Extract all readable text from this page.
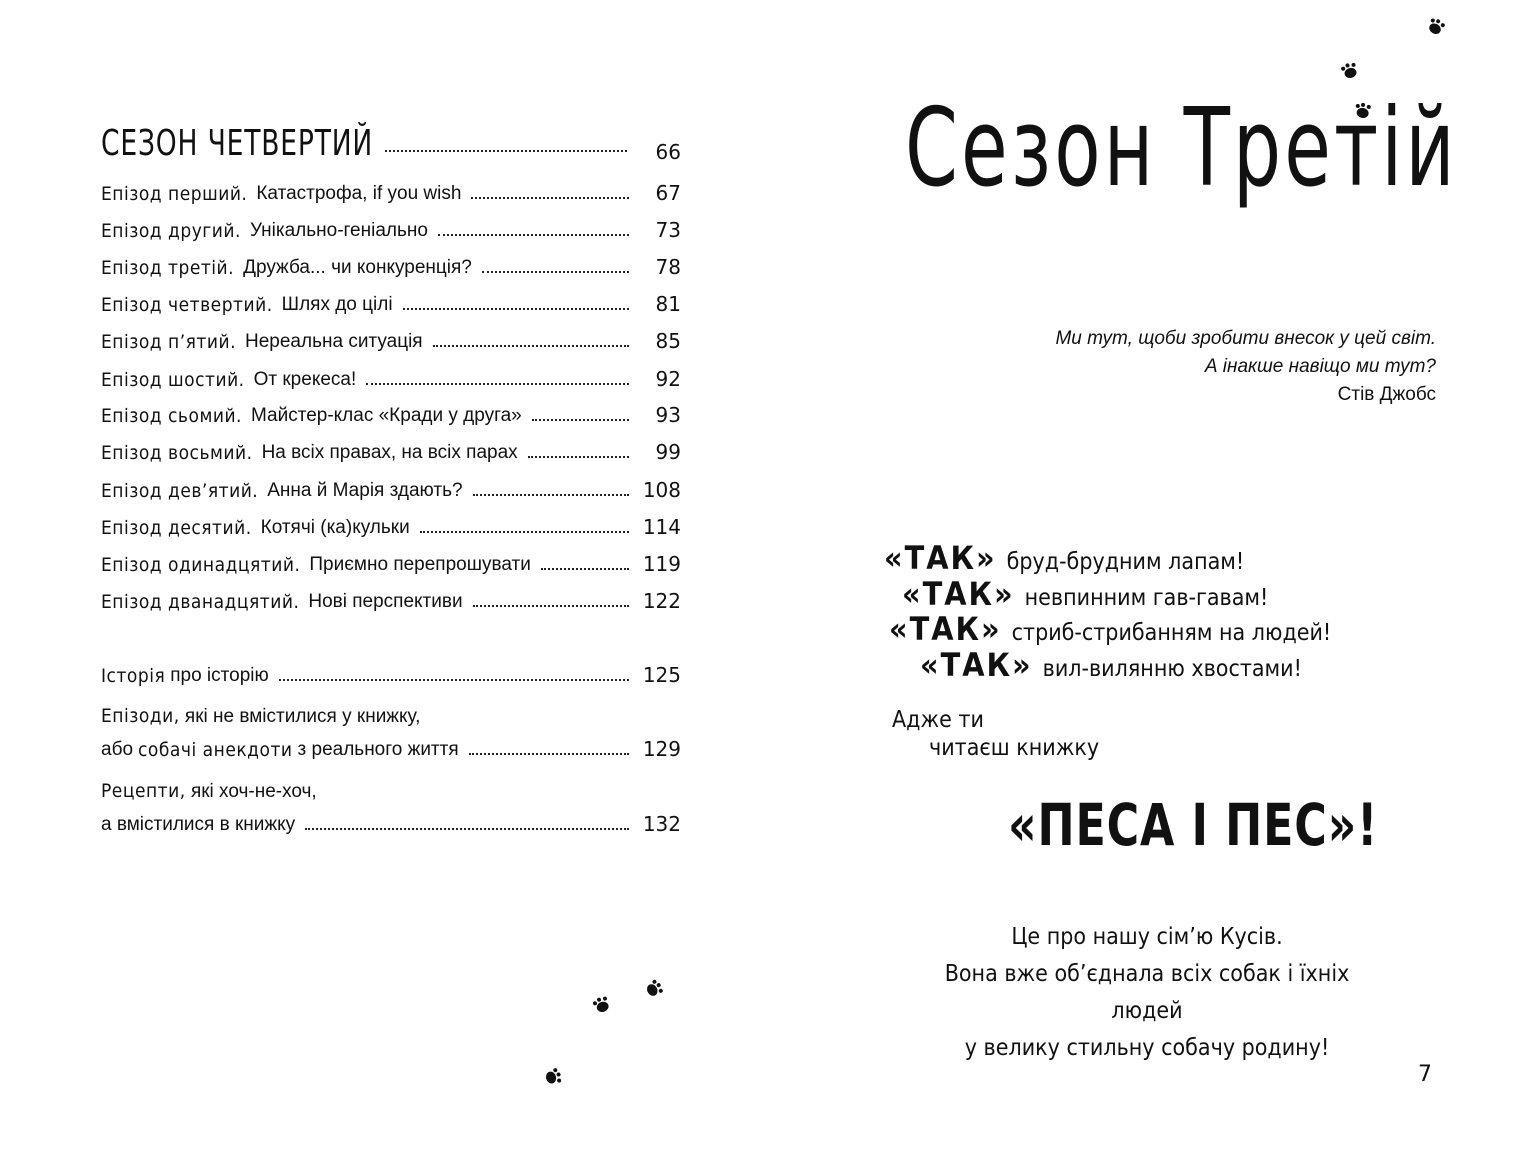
СЕЗОН ЧЕТВЕРТИЙ	66
Епізод перший. Катастрофа, if you wish	67
Епізод другий. Унікально-геніально	73
Епізод третій. Дружба... чи конкуренція?	78
Епізод четвертий. Шлях до цілі	81
Епізод п’ятий. Нереальна ситуація	85
Епізод шостий. От крекеса!	92
Епізод сьомий. Майстер-клас «Кради у друга»	93
Епізод восьмий. На всіх правах, на всіх парах	99
Епізод дев’ятий. Анна й Марія здають?	108
Епізод десятий. Котячі (ка)кульки	114
Епізод одинадцятий. Приємно перепрошувати	119
Епізод дванадцятий. Нові перспективи	122
Історія про історію	125
Епізоди, які не вмістилися у книжку,
або собачі анекдоти з реального життя	129
Рецепти, які хоч-не-хоч,
а вмістилися в книжку	132
Сезон Третій
Ми тут, щоби зробити внесок у цей світ.
А інакше навіщо ми тут?
Стів Джобс
«ТАК» бруд-брудним лапам!
«ТАК» невпинним гав-гавам!
«ТАК» стриб-стрибанням на людей!
«ТАК» вил-вилянню хвостами!
Адже ти
читаєш книжку
«ПЕСА І ПЕС»!
Це про нашу сім’ю Кусів.
Вона вже об’єднала всіх собак і їхніх людей
у велику стильну собачу родину!
7
